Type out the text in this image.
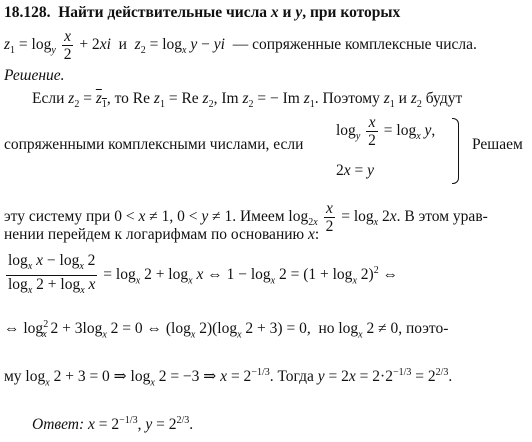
18.128.  Найти действительные числа x и y, при которых
$z_1 = \log_y \frac{x}{2} + 2xi$  и  $z_2 = \log_x y$ − yi  — сопряженные комплексные числа.
Решение.
Если $z_2 = z_1$, то Re $z_1 = Re$ $z_2$, Im $z_2$ = − Im $z_1$. Поэтому $z_1$ и $z_2$ будут
сопряженными комплексными числами, если
$\log_y \frac{x}{2} = \log_x y$,
2x = y
Решаем
эту систему при 0 < x ≠ 1, 0 < y ≠ 1. Имеем $\log_{2x} \frac{x}{2} = \log_x 2x$. В этом урав-
нении перейдем к логарифмам по основанию x:
$\frac{\log_x x - \log_x 2}{\log_x 2 + \log_x x} = \log_x 2 + \log_x x$ ⇔ $1 - \log_x 2 = (1 + \log_x 2)^2$ ⇔
⇔ $\log^2_x 2 + 3\log_x$ 2 = 0 ⇔ ($\log_x$ $2)(\log_x$ 2 + 3) = 0,  но $\log_x 2 \ne 0$, поэто-
му $\log_x 2 + 3 = 0$ ⇒ $\log_x 2 = -3$ ⇒ $x = 2^{-1/3}$. Тогда $y = 2x = 2\cdot 2^{-1/3} = 2^{2/3}$.
Ответ: $x = 2^{-1/3}$, $y = 2^{2/3}$.
